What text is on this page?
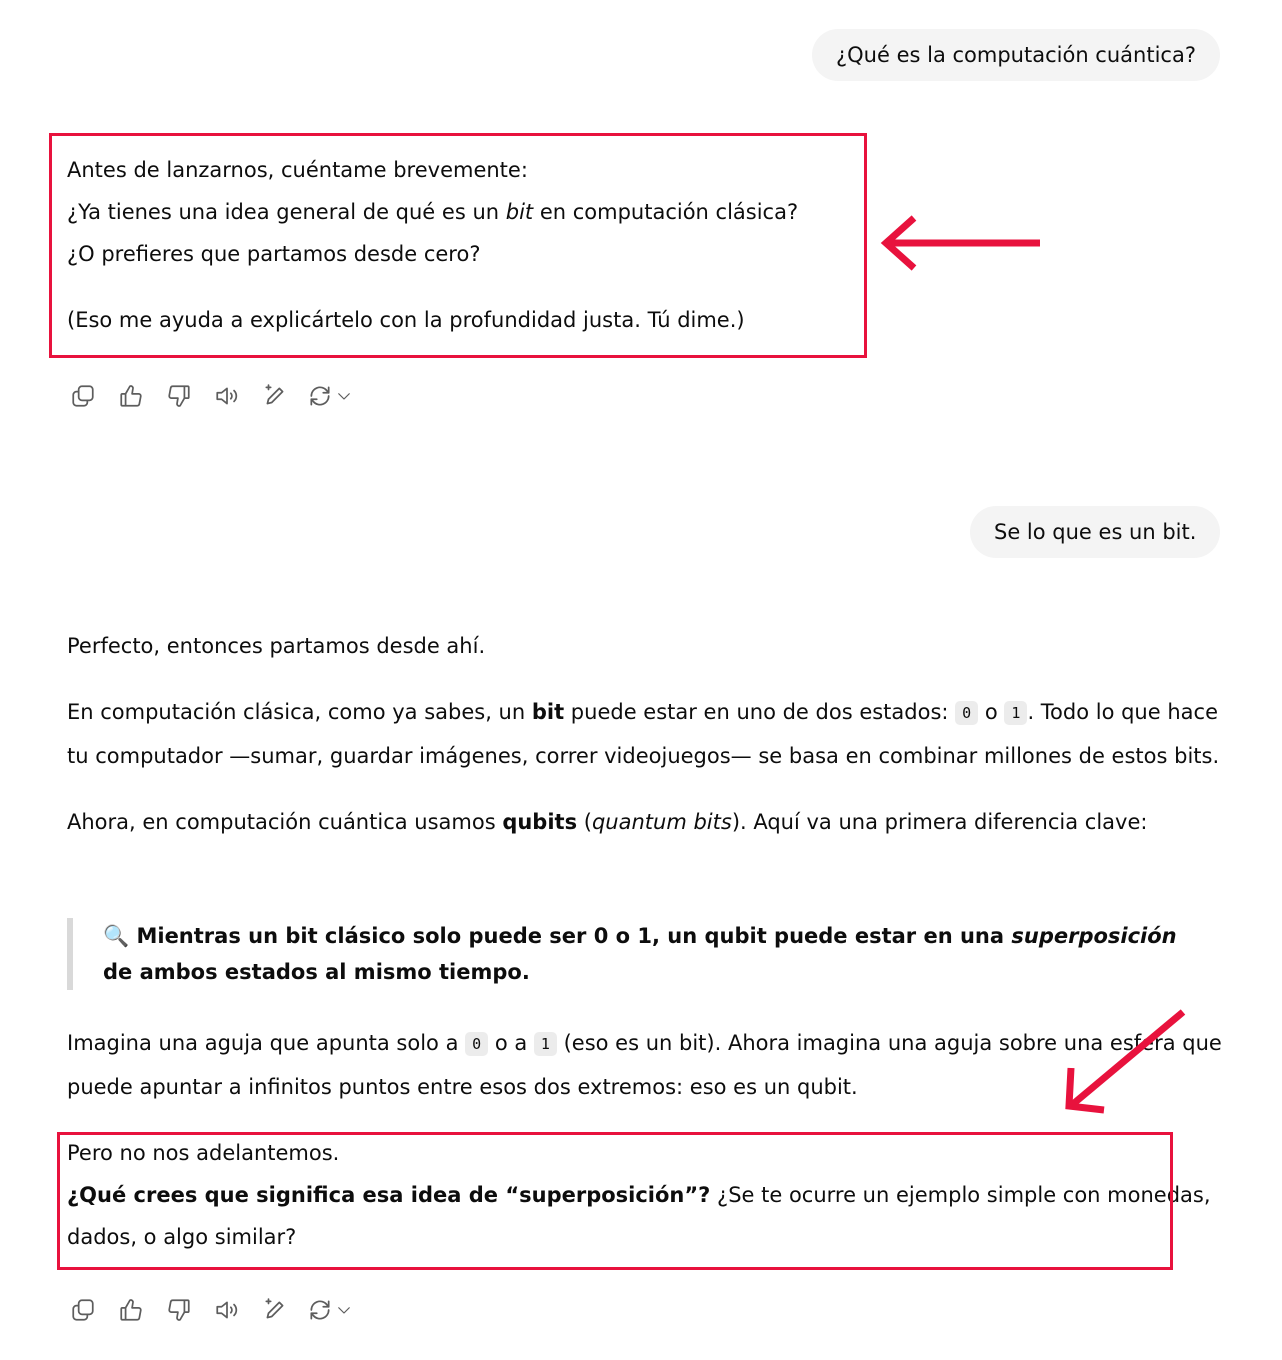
¿Qué es la computación cuántica?

Antes de lanzarnos, cuéntame brevemente:

¿Ya tienes una idea general de qué es un bit en computación clásica?

¿O prefieres que partamos desde cero?

(Eso me ayuda a explicártelo con la profundidad justa. Tú dime.)

Se lo que es un bit.

Perfecto, entonces partamos desde ahí.

En computación clásica, como ya sabes, un bit puede estar en uno de dos estados: 0 o 1 . Todo lo que hace tu computador —sumar, guardar imágenes, correr videojuegos— se basa en combinar millones de estos bits.

Ahora, en computación cuántica usamos qubits (quantum bits). Aquí va una primera diferencia clave:

🔍 Mientras un bit clásico solo puede ser 0 o 1, un qubit puede estar en una superposición de ambos estados al mismo tiempo.

Imagina una aguja que apunta solo a 0 o a 1 (eso es un bit). Ahora imagina una aguja sobre una esfera que puede apuntar a infinitos puntos entre esos dos extremos: eso es un qubit.

Pero no nos adelantemos.

¿Qué crees que significa esa idea de “superposición”? ¿Se te ocurre un ejemplo simple con monedas, dados, o algo similar?
